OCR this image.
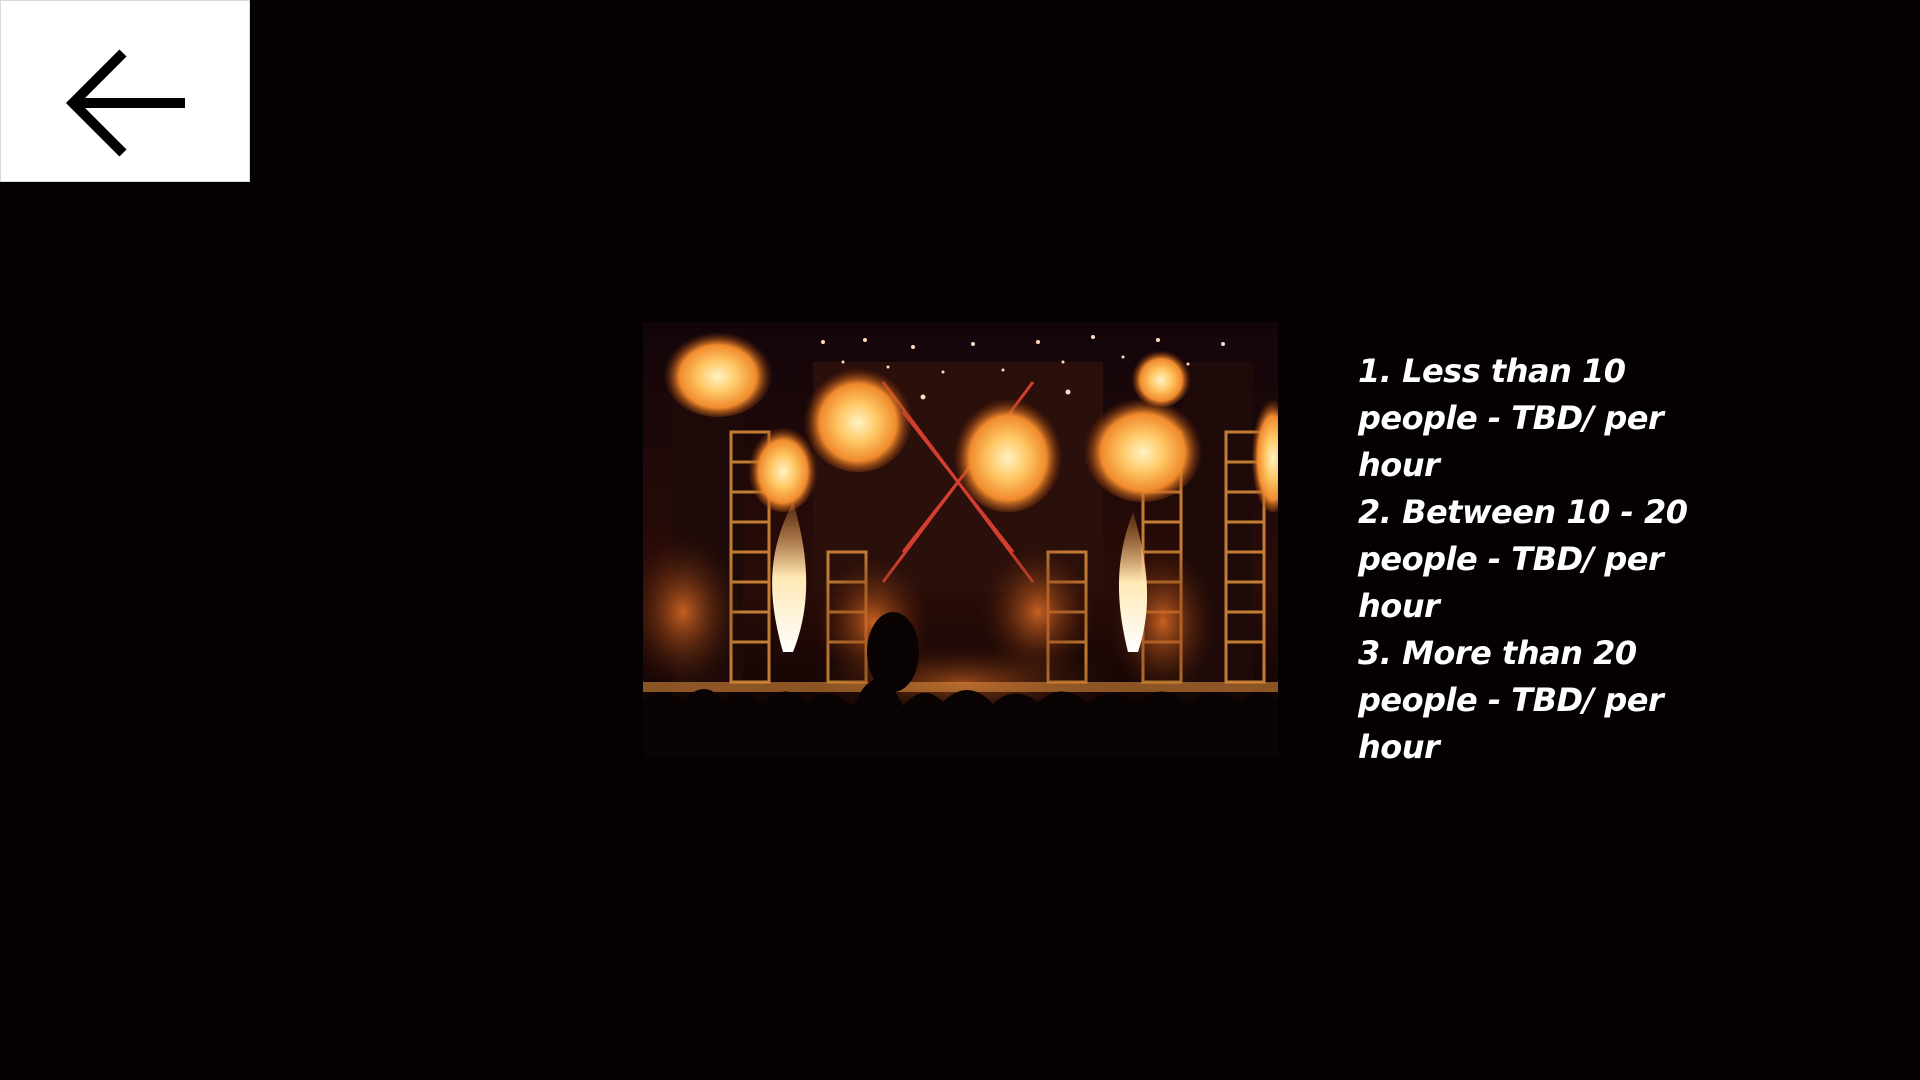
1. Less than 10 people - TBD/ per hour
2. Between 10 - 20 people - TBD/ per hour
3. More than 20 people - TBD/ per hour
